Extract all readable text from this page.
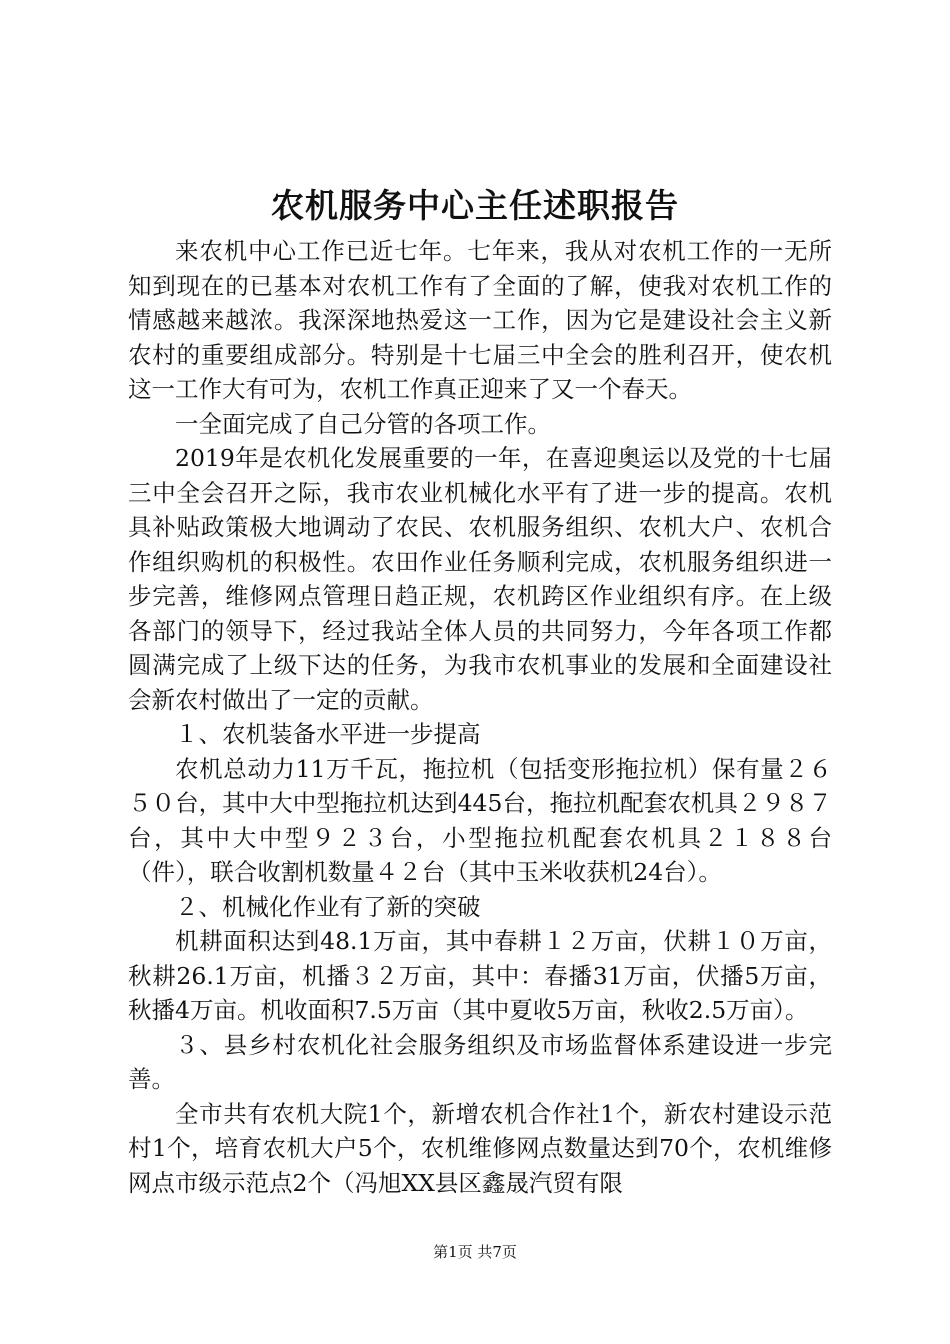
农机服务中心主任述职报告

来农机中心工作已近七年。七年来，我从对农机工作的一无所知到现在的已基本对农机工作有了全面的了解，使我对农机工作的情感越来越浓。我深深地热爱这一工作，因为它是建设社会主义新农村的重要组成部分。特别是十七届三中全会的胜利召开，使农机这一工作大有可为，农机工作真正迎来了又一个春天。

一全面完成了自己分管的各项工作。

2019年是农机化发展重要的一年，在喜迎奥运以及党的十七届三中全会召开之际，我市农业机械化水平有了进一步的提高。农机具补贴政策极大地调动了农民、农机服务组织、农机大户、农机合作组织购机的积极性。农田作业任务顺利完成，农机服务组织进一步完善，维修网点管理日趋正规，农机跨区作业组织有序。在上级各部门的领导下，经过我站全体人员的共同努力，今年各项工作都圆满完成了上级下达的任务，为我市农机事业的发展和全面建设社会新农村做出了一定的贡献。

１、农机装备水平进一步提高

农机总动力11万千瓦，拖拉机（包括变形拖拉机）保有量２６５０台，其中大中型拖拉机达到445台，拖拉机配套农机具２９８７台，其中大中型９２３台，小型拖拉机配套农机具２１８８台（件），联合收割机数量４２台（其中玉米收获机24台）。

２、机械化作业有了新的突破

机耕面积达到48.1万亩，其中春耕１２万亩，伏耕１０万亩，秋耕26.1万亩，机播３２万亩，其中：春播31万亩，伏播5万亩，秋播4万亩。机收面积7.5万亩（其中夏收5万亩，秋收2.5万亩）。

３、县乡村农机化社会服务组织及市场监督体系建设进一步完善。

全市共有农机大院1个，新增农机合作社1个，新农村建设示范村1个，培育农机大户5个，农机维修网点数量达到70个，农机维修网点市级示范点2个（冯旭XX县区鑫晟汽贸有限

第1页 共7页
